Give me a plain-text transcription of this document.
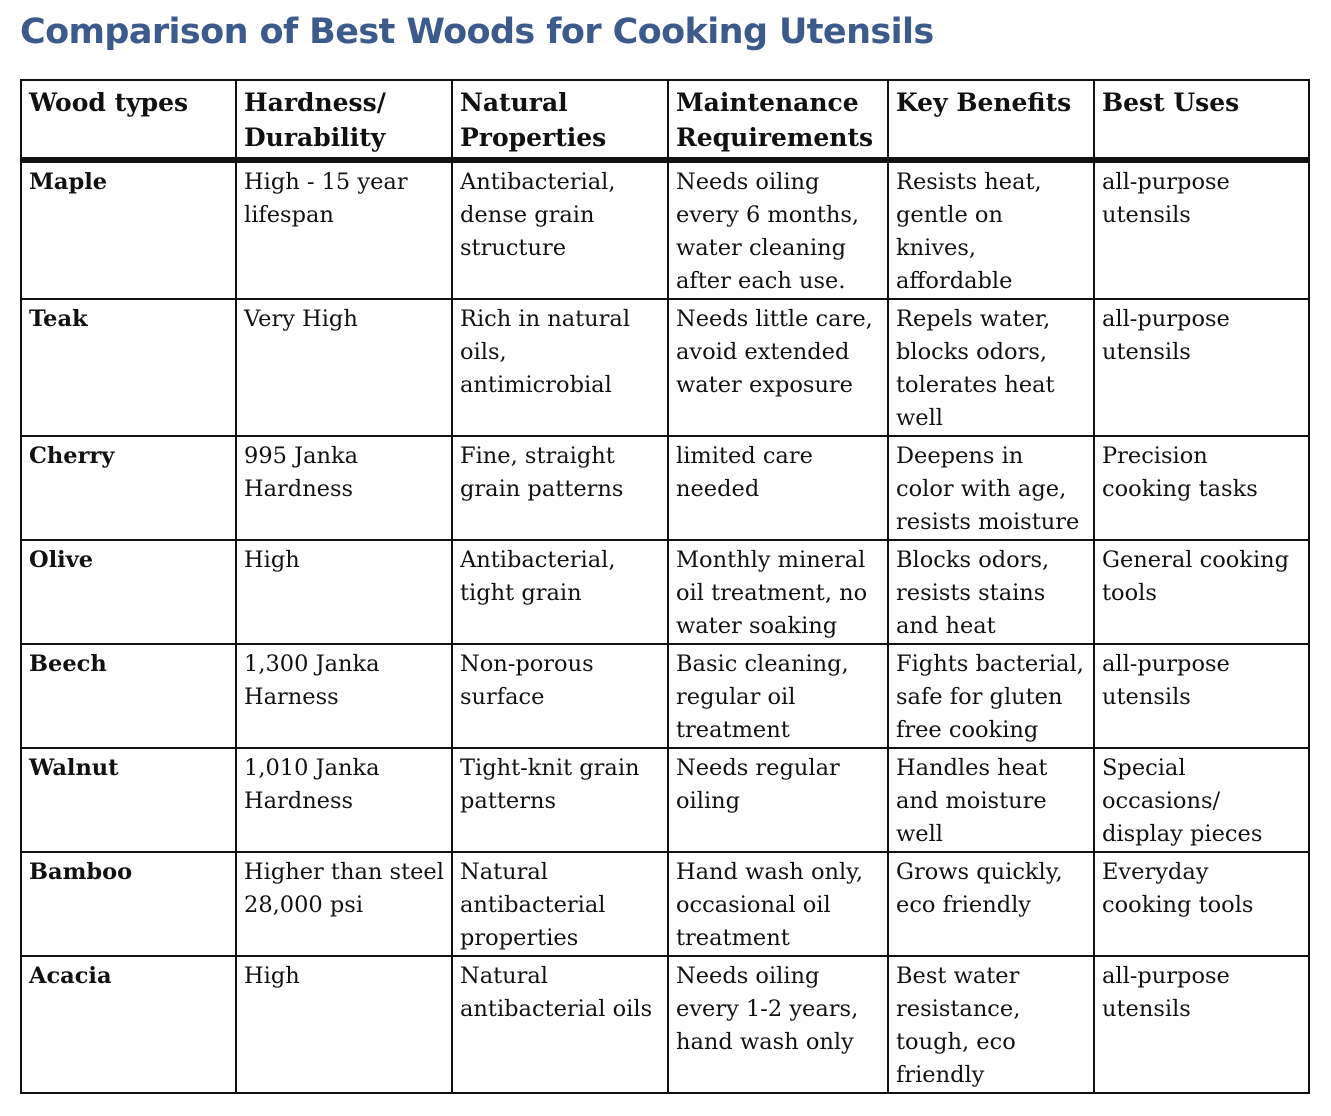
Comparison of Best Woods for Cooking Utensils
Wood types	Hardness/ Durability	Natural Properties	Maintenance Requirements	Key Benefits	Best Uses
Maple	High - 15 year lifespan	Antibacterial, dense grain structure	Needs oiling every 6 months, water cleaning after each use.	Resists heat, gentle on knives, affordable	all-purpose utensils
Teak	Very High	Rich in natural oils, antimicrobial	Needs little care, avoid extended water exposure	Repels water, blocks odors, tolerates heat well	all-purpose utensils
Cherry	995 Janka Hardness	Fine, straight grain patterns	limited care needed	Deepens in color with age, resists moisture	Precision cooking tasks
Olive	High	Antibacterial, tight grain	Monthly mineral oil treatment, no water soaking	Blocks odors, resists stains and heat	General cooking tools
Beech	1,300 Janka Harness	Non-porous surface	Basic cleaning, regular oil treatment	Fights bacterial, safe for gluten free cooking	all-purpose utensils
Walnut	1,010 Janka Hardness	Tight-knit grain patterns	Needs regular oiling	Handles heat and moisture well	Special occasions/ display pieces
Bamboo	Higher than steel 28,000 psi	Natural antibacterial properties	Hand wash only, occasional oil treatment	Grows quickly, eco friendly	Everyday cooking tools
Acacia	High	Natural antibacterial oils	Needs oiling every 1-2 years, hand wash only	Best water resistance, tough, eco friendly	all-purpose utensils
